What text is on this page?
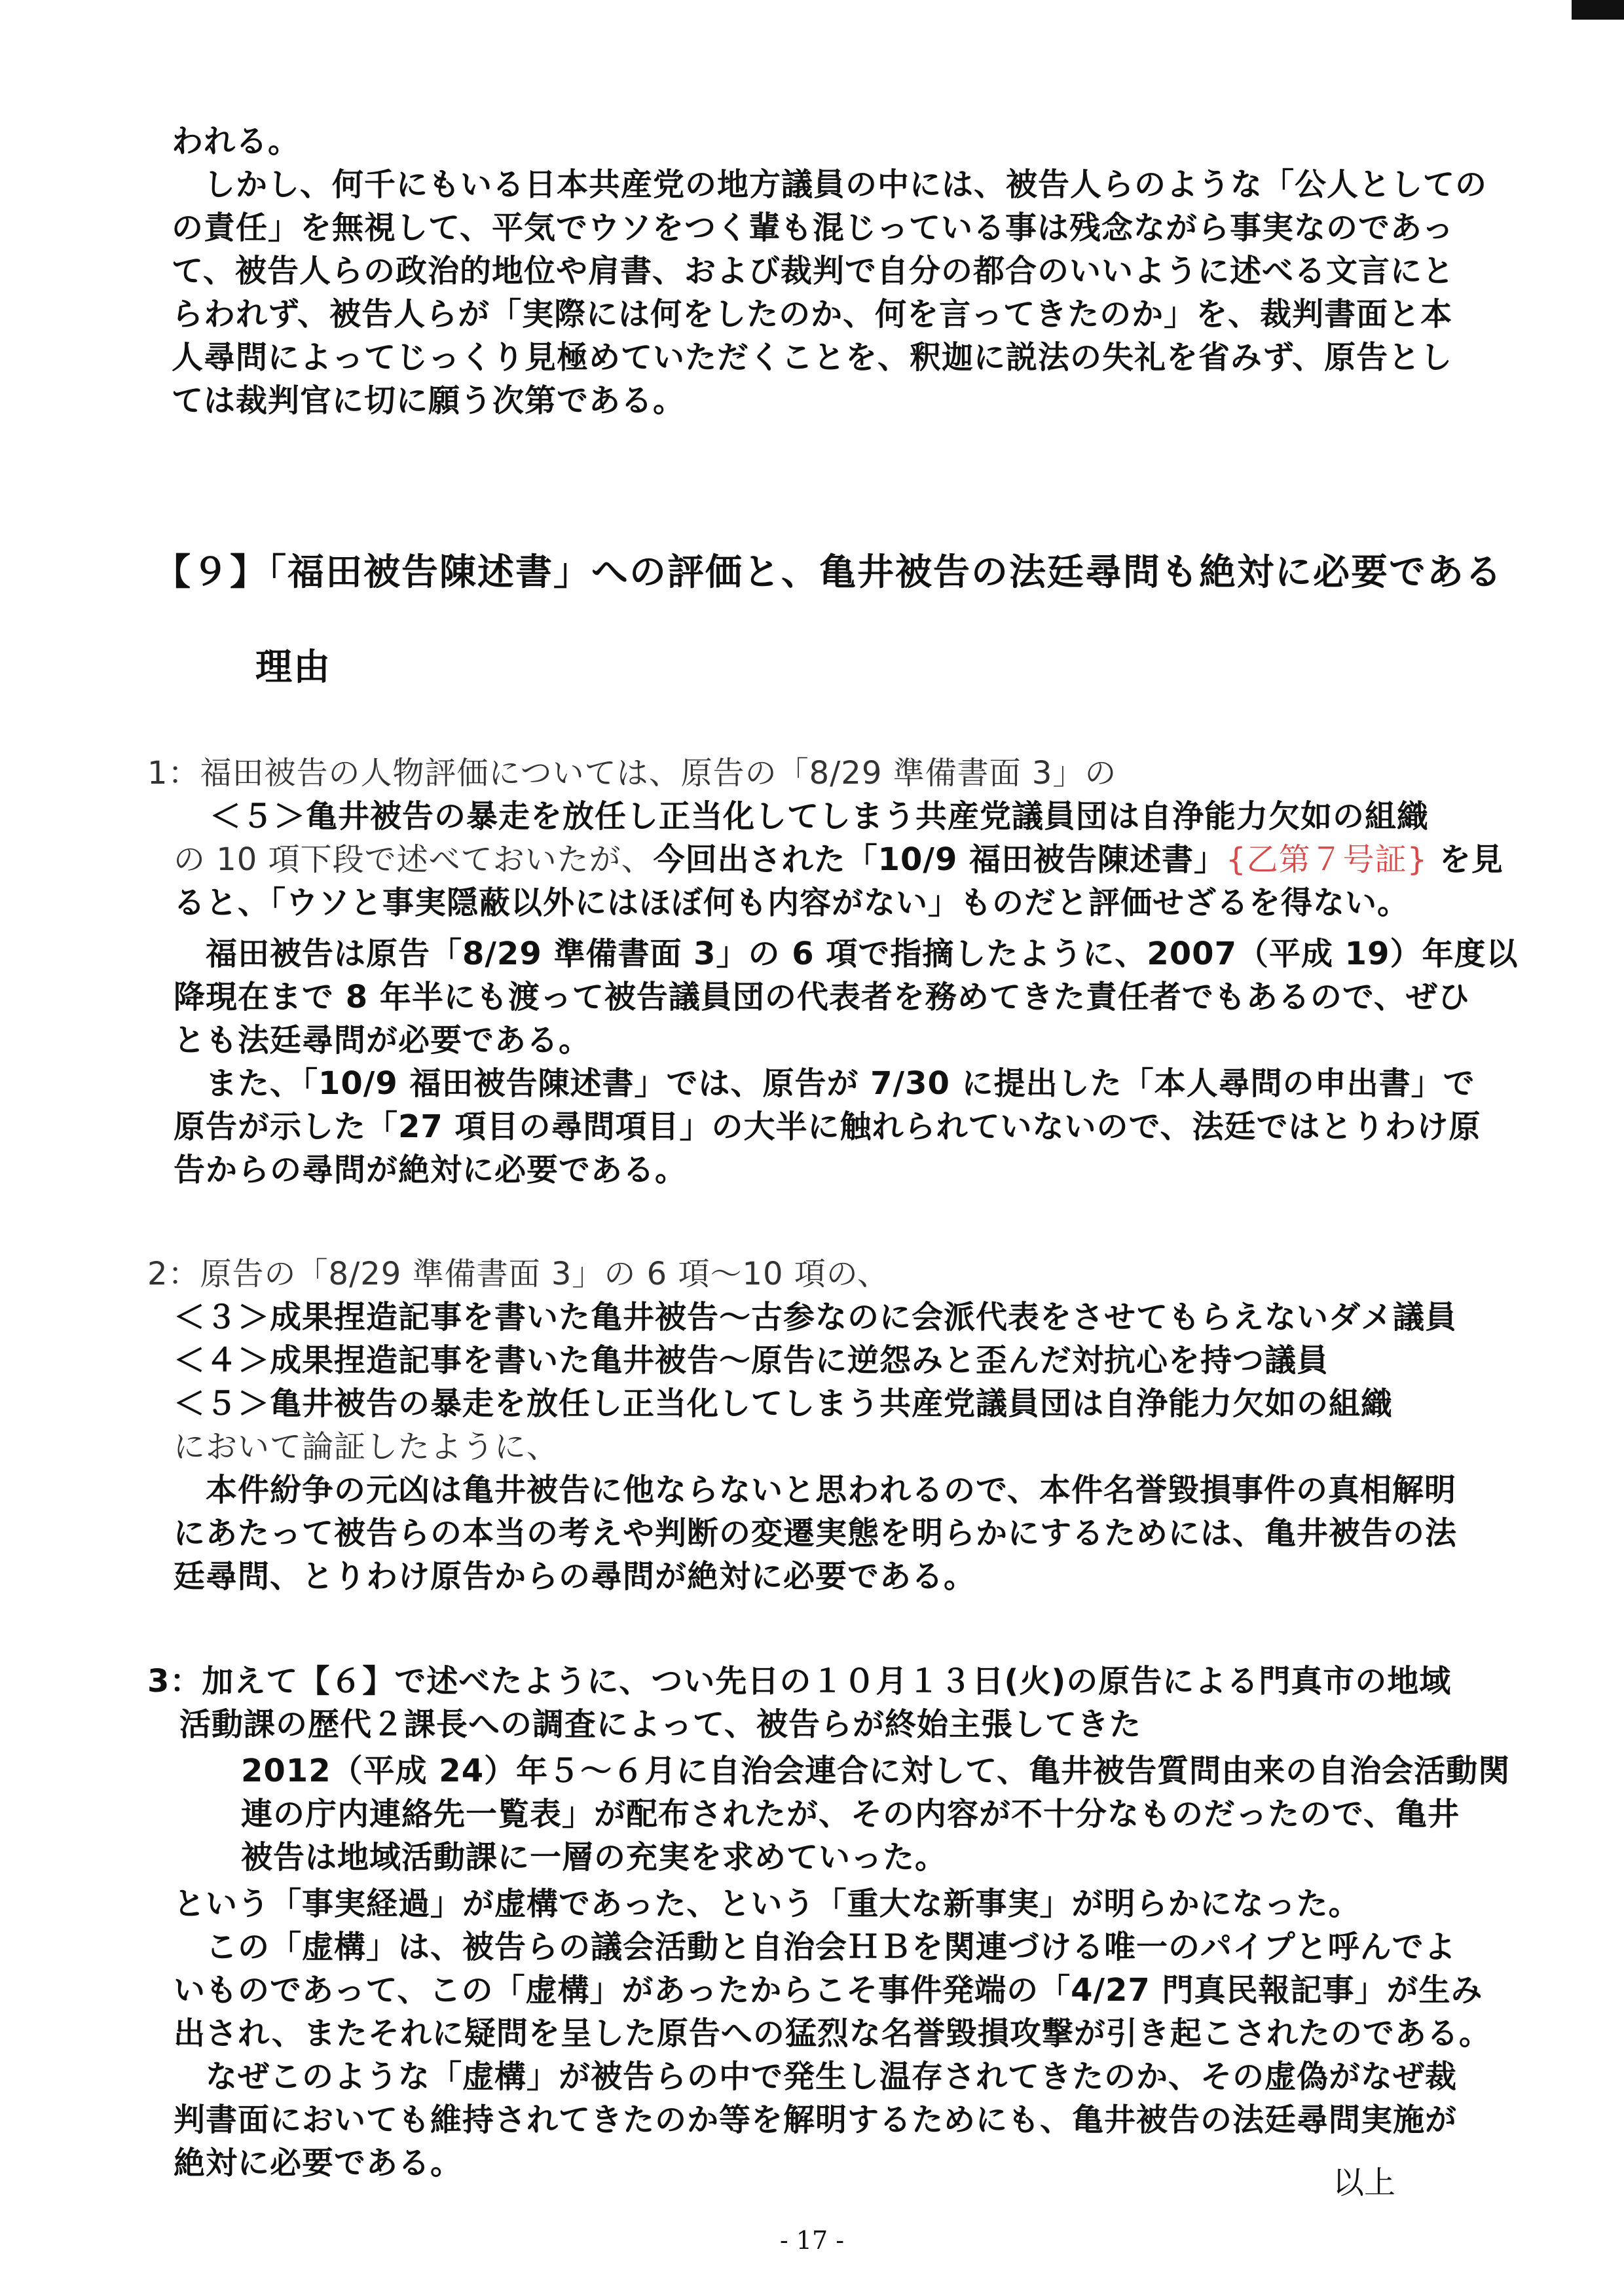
われる。
　しかし、何千にもいる日本共産党の地方議員の中には、被告人らのような「公人としての
の責任」を無視して、平気でウソをつく輩も混じっている事は残念ながら事実なのであっ
て、被告人らの政治的地位や肩書、および裁判で自分の都合のいいように述べる文言にと
らわれず、被告人らが「実際には何をしたのか、何を言ってきたのか」を、裁判書面と本
人尋問によってじっくり見極めていただくことを、釈迦に説法の失礼を省みず、原告とし
ては裁判官に切に願う次第である。
【９】「福田被告陳述書」への評価と、亀井被告の法廷尋問も絶対に必要である
理由
1：福田被告の人物評価については、原告の「8/29 準備書面 3」の
＜５＞亀井被告の暴走を放任し正当化してしまう共産党議員団は自浄能力欠如の組織
の 10 項下段で述べておいたが、今回出された「10/9 福田被告陳述書」{乙第７号証} を見
ると、「ウソと事実隠蔽以外にはほぼ何も内容がない」ものだと評価せざるを得ない。
　福田被告は原告「8/29 準備書面 3」の 6 項で指摘したように、2007（平成 19）年度以
降現在まで 8 年半にも渡って被告議員団の代表者を務めてきた責任者でもあるので、ぜひ
とも法廷尋問が必要である。
　また、「10/9 福田被告陳述書」では、原告が 7/30 に提出した「本人尋問の申出書」で
原告が示した「27 項目の尋問項目」の大半に触れられていないので、法廷ではとりわけ原
告からの尋問が絶対に必要である。
2：原告の「8/29 準備書面 3」の 6 項～10 項の、
＜３＞成果捏造記事を書いた亀井被告～古参なのに会派代表をさせてもらえないダメ議員
＜４＞成果捏造記事を書いた亀井被告～原告に逆怨みと歪んだ対抗心を持つ議員
＜５＞亀井被告の暴走を放任し正当化してしまう共産党議員団は自浄能力欠如の組織
において論証したように、
　本件紛争の元凶は亀井被告に他ならないと思われるので、本件名誉毀損事件の真相解明
にあたって被告らの本当の考えや判断の変遷実態を明らかにするためには、亀井被告の法
廷尋問、とりわけ原告からの尋問が絶対に必要である。
3：加えて【６】で述べたように、つい先日の１０月１３日(火)の原告による門真市の地域
　活動課の歴代２課長への調査によって、被告らが終始主張してきた
2012（平成 24）年５～６月に自治会連合に対して、亀井被告質問由来の自治会活動関
連の庁内連絡先一覧表」が配布されたが、その内容が不十分なものだったので、亀井
被告は地域活動課に一層の充実を求めていった。
という「事実経過」が虚構であった、という「重大な新事実」が明らかになった。
　この「虚構」は、被告らの議会活動と自治会ＨＢを関連づける唯一のパイプと呼んでよ
いものであって、この「虚構」があったからこそ事件発端の「4/27 門真民報記事」が生み
出され、またそれに疑問を呈した原告への猛烈な名誉毀損攻撃が引き起こされたのである。
　なぜこのような「虚構」が被告らの中で発生し温存されてきたのか、その虚偽がなぜ裁
判書面においても維持されてきたのか等を解明するためにも、亀井被告の法廷尋問実施が
絶対に必要である。
以上
- 17 -
